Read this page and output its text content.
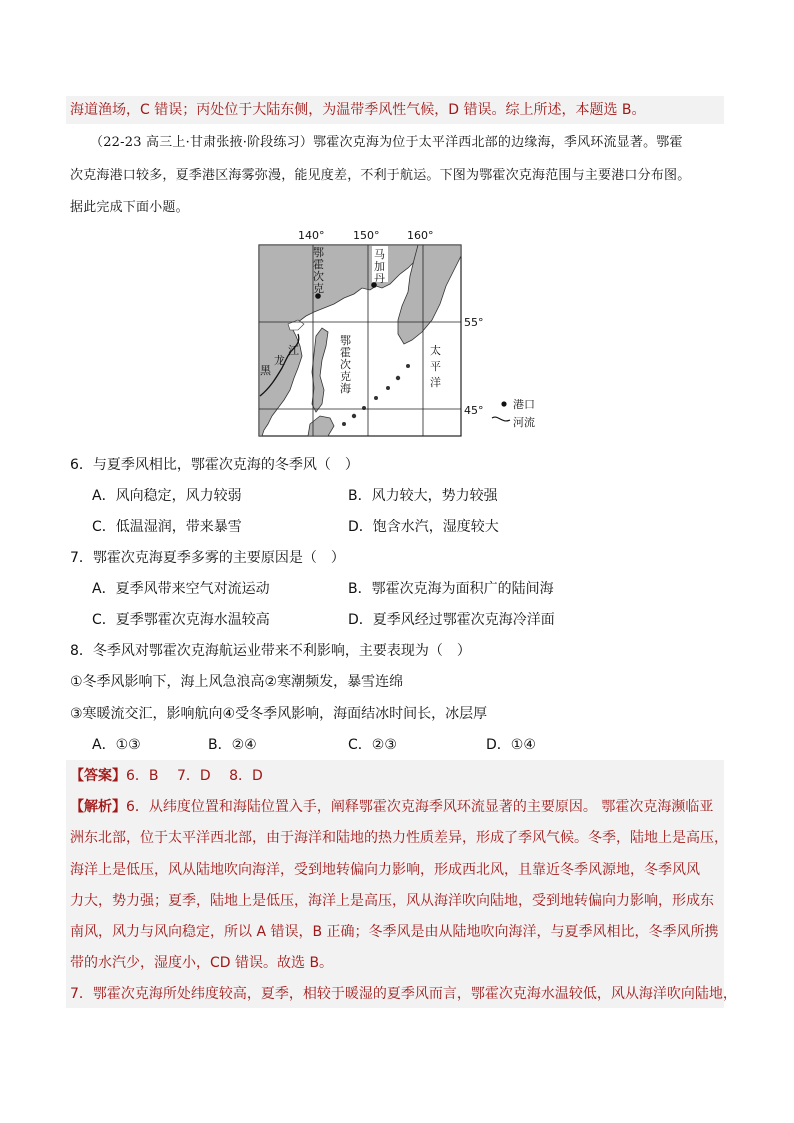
海道渔场，C 错误；丙处位于大陆东侧，为温带季风性气候，D 错误。综上所述，本题选 B。
（22-23 高三上·甘肃张掖·阶段练习）鄂霍次克海为位于太平洋西北部的边缘海，季风环流显著。鄂霍
次克海港口较多，夏季港区海雾弥漫，能见度差，不利于航运。下图为鄂霍次克海范围与主要港口分布图。
据此完成下面小题。
140°	150°	160°
鄂
霍
次
克
马
加
丹
鄂
霍
次
克
海
太
平
洋
黑
龙
江
55°
45°	港口
河流
6．与夏季风相比，鄂霍次克海的冬季风（　）
A．风向稳定，风力较弱	B．风力较大，势力较强
C．低温湿润，带来暴雪	D．饱含水汽，湿度较大
7．鄂霍次克海夏季多雾的主要原因是（　）
A．夏季风带来空气对流运动	B．鄂霍次克海为面积广的陆间海
C．夏季鄂霍次克海水温较高	D．夏季风经过鄂霍次克海冷洋面
8．冬季风对鄂霍次克海航运业带来不利影响，主要表现为（　）
①冬季风影响下，海上风急浪高②寒潮频发，暴雪连绵
③寒暖流交汇，影响航向④受冬季风影响，海面结冰时间长，冰层厚
A．①③	B．②④	C．②③	D．①④
【答案】6．B　 7．D　 8．D
【解析】6．从纬度位置和海陆位置入手，阐释鄂霍次克海季风环流显著的主要原因。 鄂霍次克海濒临亚
洲东北部，位于太平洋西北部，由于海洋和陆地的热力性质差异，形成了季风气候。冬季，陆地上是高压，
海洋上是低压，风从陆地吹向海洋，受到地转偏向力影响，形成西北风，且靠近冬季风源地，冬季风风
力大，势力强；夏季，陆地上是低压，海洋上是高压，风从海洋吹向陆地，受到地转偏向力影响，形成东
南风，风力与风向稳定，所以 A 错误，B 正确；冬季风是由从陆地吹向海洋，与夏季风相比，冬季风所携
带的水汽少，湿度小，CD 错误。故选 B。
7．鄂霍次克海所处纬度较高，夏季，相较于暖湿的夏季风而言，鄂霍次克海水温较低，风从海洋吹向陆地，
